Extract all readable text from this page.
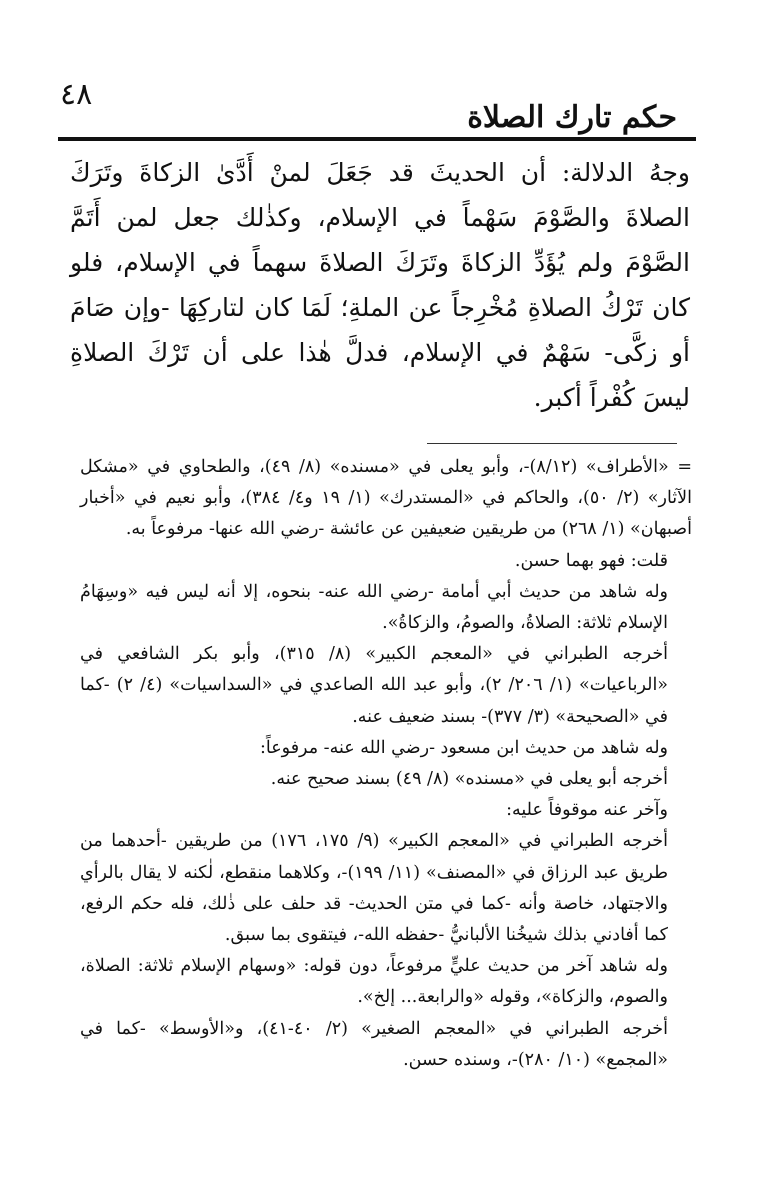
٤٨
حكم تارك الصلاة

وجهُ الدلالة: أن الحديثَ قد جَعَلَ لمنْ أَدَّىٰ الزكاةَ وتَرَكَ الصلاةَ والصَّوْمَ سَهْماً في الإسلام، وكذٰلك جعل لمن أَتَمَّ الصَّوْمَ ولم يُؤَدِّ الزكاةَ وتَرَكَ الصلاةَ سهماً في الإسلام، فلو كان تَرْكُ الصلاةِ مُخْرِجاً عن الملةِ؛ لَمَا كان لتاركِهَا -وإن صَامَ أو زكَّى- سَهْمٌ في الإسلام، فدلَّ هٰذا على أن تَرْكَ الصلاةِ ليسَ كُفْراً أكبر.

= «الأطراف» (٨/١٢)-، وأبو يعلى في «مسنده» (٨/ ٤٩)، والطحاوي في «مشكل الآثار» (٢/ ٥٠)، والحاكم في «المستدرك» (١/ ١٩ و٤/ ٣٨٤)، وأبو نعيم في «أخبار أصبهان» (١/ ٢٦٨) من طريقين ضعيفين عن عائشة -رضي الله عنها- مرفوعاً به.

قلت: فهو بهما حسن.

وله شاهد من حديث أبي أمامة -رضي الله عنه- بنحوه، إلا أنه ليس فيه «وسِهَامُ الإسلام ثلاثة: الصلاةُ، والصومُ، والزكاةُ».

أخرجه الطبراني في «المعجم الكبير» (٨/ ٣١٥)، وأبو بكر الشافعي في «الرباعيات» (١/ ٢٠٦/ ٢)، وأبو عبد الله الصاعدي في «السداسيات» (٤/ ٢) -كما في «الصحيحة» (٣/ ٣٧٧)- بسند ضعيف عنه.

وله شاهد من حديث ابن مسعود -رضي الله عنه- مرفوعاً:

أخرجه أبو يعلى في «مسنده» (٨/ ٤٩) بسند صحيح عنه.

وآخر عنه موقوفاً عليه:

أخرجه الطبراني في «المعجم الكبير» (٩/ ١٧٥، ١٧٦) من طريقين -أحدهما من طريق عبد الرزاق في «المصنف» (١١/ ١٩٩)-، وكلاهما منقطع، لٰكنه لا يقال بالرأي والاجتهاد، خاصة وأنه -كما في متن الحديث- قد حلف على ذٰلك، فله حكم الرفع، كما أفادني بذلك شيخُنا الألبانيُّ -حفظه الله-، فيتقوى بما سبق.

وله شاهد آخر من حديث عليٍّ مرفوعاً، دون قوله: «وسهام الإسلام ثلاثة: الصلاة، والصوم، والزكاة»، وقوله «والرابعة... إلخ».

أخرجه الطبراني في «المعجم الصغير» (٢/ ٤٠-٤١)، و«الأوسط» -كما في «المجمع» (١٠/ ٢٨٠)-، وسنده حسن.
